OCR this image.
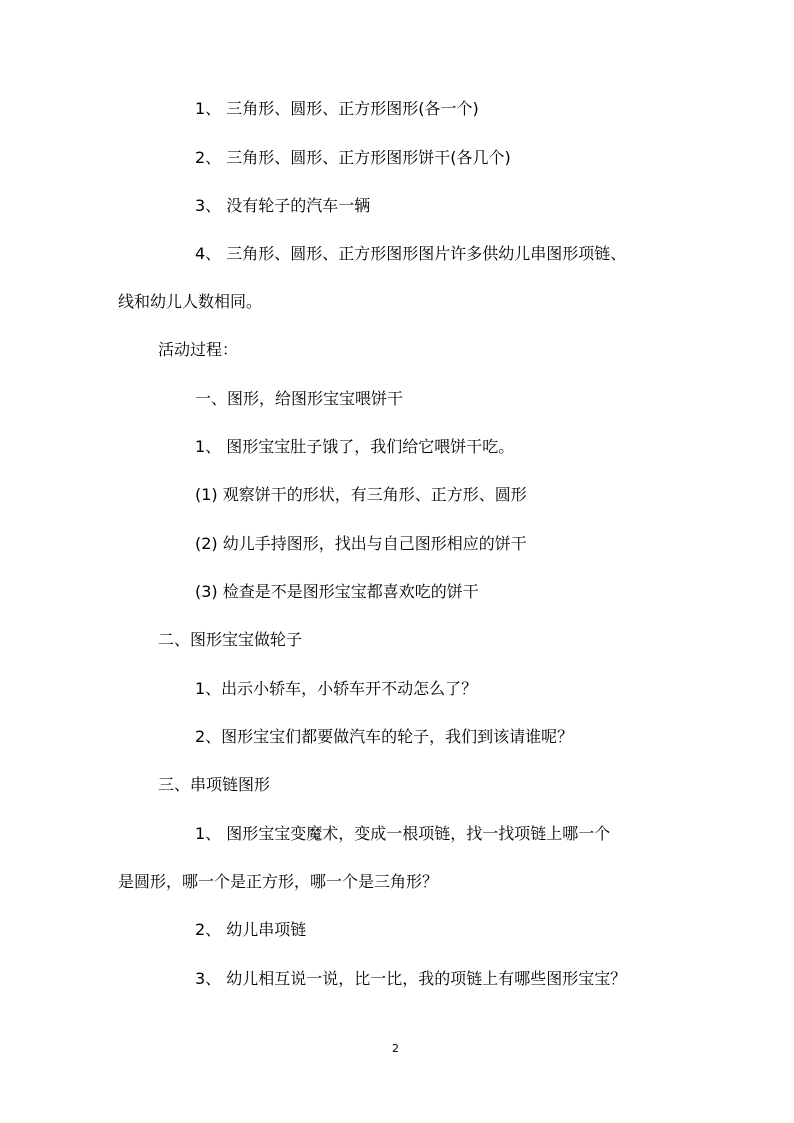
1、 三角形、圆形、正方形图形(各一个)
2、 三角形、圆形、正方形图形饼干(各几个)
3、 没有轮子的汽车一辆
4、 三角形、圆形、正方形图形图片许多供幼儿串图形项链、
线和幼儿人数相同。
活动过程：
一、图形，给图形宝宝喂饼干
1、 图形宝宝肚子饿了，我们给它喂饼干吃。
(1) 观察饼干的形状，有三角形、正方形、圆形
(2) 幼儿手持图形，找出与自己图形相应的饼干
(3) 检查是不是图形宝宝都喜欢吃的饼干
二、图形宝宝做轮子
1、出示小轿车，小轿车开不动怎么了？
2、图形宝宝们都要做汽车的轮子，我们到该请谁呢？
三、串项链图形
1、 图形宝宝变魔术，变成一根项链，找一找项链上哪一个
是圆形，哪一个是正方形，哪一个是三角形？
2、 幼儿串项链
3、 幼儿相互说一说，比一比，我的项链上有哪些图形宝宝？
2
